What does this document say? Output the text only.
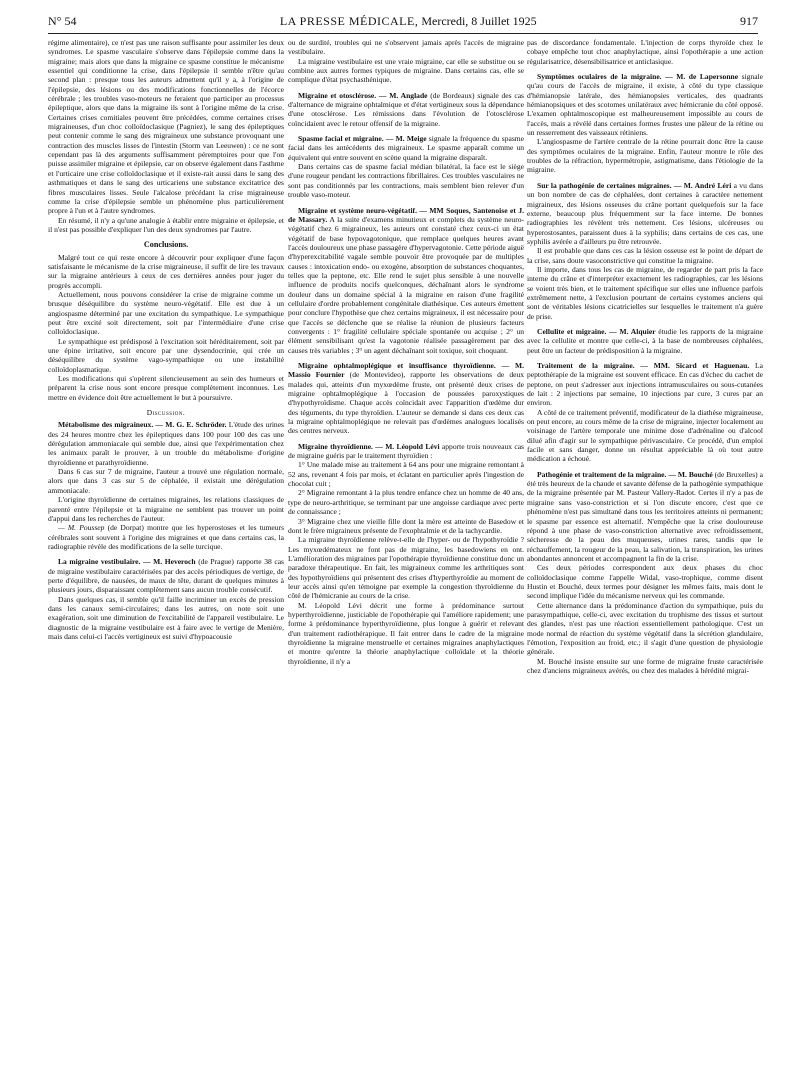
N° 54	LA PRESSE MÉDICALE, Mercredi, 8 Juillet 1925	917

régime alimentaire), ce n'est pas une raison suffisante pour assimiler les deux syndromes. Le spasme vasculaire s'observe dans l'épilepsie comme dans la migraine; mais alors que dans la migraine ce spasme constitue le mécanisme essentiel qui conditionne la crise, dans l'épilepsie il semble n'être qu'au second plan : presque tous les auteurs admettent qu'il y a, à l'origine de l'épilepsie, des lésions ou des modifications fonctionnelles de l'écorce cérébrale ; les troubles vaso-moteurs ne feraient que participer au processus épileptique, alors que dans la migraine ils sont à l'origine même de la crise. Certaines crises comitiales peuvent être précédées, comme certaines crises migraineuses, d'un choc colloïdoclasique (Pagniez), le sang des épileptiques peut contenir comme le sang des migraineux une substance provoquant une contraction des muscles lisses de l'intestin (Storm van Leeuwen) : ce ne sont cependant pas là des arguments suffisamment péremptoires pour que l'on puisse assimiler migraine et épilepsie, car on observe également dans l'asthme et l'urticaire une crise colloïdoclasique et il existe-rait aussi dans le sang des asthmatiques et dans le sang des urticariens une substance excitatrice des fibres musculaires lisses. Seule l'alcalose précédant la crise migraineuse comme la crise d'épilepsie semble un phénomène plus particulièrement propre à l'un et à l'autre syndromes.

En résumé, il n'y a qu'une analogie à établir entre migraine et épilepsie, et il n'est pas possible d'expliquer l'un des deux syndromes par l'autre.

Conclusions.

Malgré tout ce qui reste encore à découvrir pour expliquer d'une façon satisfaisante le mécanisme de la crise migraineuse, il suffit de lire les travaux sur la migraine antérieurs à ceux de ces dernières années pour juger du progrès accompli.

Actuellement, nous pouvons considérer la crise de migraine comme un brusque déséquilibre du système neuro-végétatif. Elle est due à un angiospasme déterminé par une excitation du sympathique. Le sympathique peut être excité soit directement, soit par l'intermédiaire d'une crise colloïdoclasique.

Le sympathique est prédisposé à l'excitation soit héréditairement, soit par une épine irritative, soit encore par une dysendocrinie, qui crée un déséquilibre du système vago-sympathique ou une instabilité colloïdoplasmatique.

Les modifications qui s'opèrent silencieusement au sein des humeurs et préparent la crise nous sont encore presque complètement inconnues. Les mettre en évidence doit être actuellement le but à poursuivre.

Discussion.

Métabolisme des migraineux. — M. G. E. Schröder. L'étude des urines des 24 heures montre chez les épileptiques dans 100 pour 100 des cas une dérégulation ammoniacale qui semble due, ainsi que l'expérimentation chez les animaux paraît le prouver, à un trouble du métabolisme d'origine thyroïdienne et parathyroïdienne.

Dans 6 cas sur 7 de migraine, l'auteur a trouvé une régulation normale, alors que dans 3 cas sur 5 de céphalée, il existait une dérégulation ammoniacale.

L'origine thyroïdienne de certaines migraines, les relations classiques de parenté entre l'épilepsie et la migraine ne semblent pas trouver un point d'appui dans les recherches de l'auteur.

— M. Poussep (de Dorpat) montre que les hyperostoses et les tumeurs cérébrales sont souvent à l'origine des migraines et que dans certains cas, la radiographie révèle des modifications de la selle turcique.

La migraine vestibulaire. — M. Heveroch (de Prague) rapporte 38 cas de migraine vestibulaire caractérisées par des accès périodiques de vertige, de perte d'équilibre, de nausées, de maux de tête, durant de quelques minutes à plusieurs jours, disparaissant complètement sans aucun trouble consécutif.

Dans quelques cas, il semble qu'il faille incriminer un excès de pression dans les canaux semi-circulaires; dans les autres, on note soit une exagération, soit une diminution de l'excitabilité de l'appareil vestibulaire. Le diagnostic de la migraine vestibulaire est à faire avec le vertige de Menière, mais dans celui-ci l'accès vertigineux est suivi d'hypoacousie

ou de surdité, troubles qui ne s'observent jamais après l'accès de migraine vestibulaire.

La migraine vestibulaire est une vraie migraine, car elle se substitue ou se combine aux autres formes typiques de migraine. Dans certains cas, elle se complique d'état psychasthénique.

Migraine et otosclérose. — M. Anglade (de Bordeaux) signale des cas d'alternance de migraine ophtalmique et d'état vertigineux sous la dépendance d'une otosclérose. Les rémissions dans l'évolution de l'otosclérose coïncidaient avec le retour offensif de la migraine.

Spasme facial et migraine. — M. Meige signale la fréquence du spasme facial dans les antécédents des migraineux. Le spasme apparaît comme un équivalent qui entre souvent en scène quand la migraine disparaît.

Dans certains cas de spasme facial médian bilatéral, la face est le siège d'une rougeur pendant les contractions fibrillaires. Ces troubles vasculaires ne sont pas conditionnés par les contractions, mais semblent bien relever d'un trouble vaso-moteur.

Migraine et système neuro-végétatif. — MM Soques, Santenoise et J. de Massary. A la suite d'examens minutieux et complets du système neuro-végétatif chez 6 migraineux, les auteurs ont constaté chez ceux-ci un état végétatif de base hypovagotonique, que remplace quelques heures avant l'accès douloureux une phase passagère d'hypervagotonie. Cette période aiguë d'hyperexcitabilité vagale semble pouvoir être provoquée par de multiples causes : intoxication endo- ou exogène, absorption de substances choquantes, telles que la peptone, etc. Elle rend le sujet plus sensible à une nouvelle influence de produits nocifs quelconques, déchaînant alors le syndrome douleur dans un domaine spécial à la migraine en raison d'une fragilité cellulaire d'ordre probablement congénitale diathésique. Ces auteurs émettent pour conclure l'hypothèse que chez certains migraineux, il est nécessaire pour que l'accès se déclenche que se réalise la réunion de plusieurs facteurs convergents : 1° fragilité cellulaire spéciale spontanée ou acquise ; 2° un élément sensibilisant qu'est la vagotonie réalisée passagèrement par des causes très variables ; 3° un agent déchaînant soit toxique, soit choquant.

Migraine ophtalmoplégique et insuffisance thyroïdienne. — M. Massio Fournier (de Montevideo), rapporte les observations de deux malades qui, atteints d'un myxœdème fruste, ont présenté deux crises de migraine ophtalmoplégique à l'occasion de poussées paroxystiques d'hypothyroïdisme. Chaque accès coïncidait avec l'apparition d'œdème dur des téguments, du type thyroïdien. L'auteur se demande si dans ces deux cas la migraine ophtalmoplégique ne relevait pas d'œdèmes analogues localisés des centres nerveux.

Migraine thyroïdienne. — M. Léopold Lévi apporte trois nouveaux cas de migraine guéris par le traitement thyroïdien :

1° Une malade mise au traitement à 64 ans pour une migraine remontant à 52 ans, revenant 4 fois par mois, et éclatant en particulier après l'ingestion de chocolat cuit ;

2° Migraine remontant à la plus tendre enfance chez un homme de 40 ans, type de neuro-arthritique, se terminant par une angoisse cardiaque avec perte de connaissance ;

3° Migraine chez une vieille fille dont la mère est atteinte de Basedow et dont le frère migraineux présente de l'exophtalmie et de la tachycardie.

La migraine thyroïdienne relève-t-elle de l'hyper- ou de l'hypothyroïdie ? Les myxœdémateux ne font pas de migraine, les basedowiens en ont. L'amélioration des migraines par l'opothérapie thyroïdienne constitue donc un paradoxe thérapeutique. En fait, les migraineux comme les arthritiques sont des hypothyroïdiens qui présentent des crises d'hyperthyroïdie au moment de leur accès ainsi qu'en témoigne par exemple la congestion thyroïdienne du côté de l'hémicranie au cours de la crise.

M. Léopold Lévi décrit une forme à prédominance surtout hyperthyroïdienne, justiciable de l'opothérapie qui l'améliore rapidement; une forme à prédominance hyperthyroïdienne, plus longue à guérir et relevant d'un traitement radiothérapique. Il fait entrer dans le cadre de la migraine thyroïdienne la migraine menstruelle et certaines migraines anaphylactiques et montre qu'entre la théorie anaphylactique colloïdale et la théorie thyroïdienne, il n'y a

pas de discordance fondamentale. L'injection de corps thyroïde chez le cobaye empêche tout choc anaphylactique, ainsi l'opothérapie a une action régularisatrice, désensibilisatrice et anticlasique.

Symptômes oculaires de la migraine. — M. de Lapersonne signale qu'au cours de l'accès de migraine, il existe, à côté du type classique d'hémianopsie latérale, des hémianopsies verticales, des quadrants hémianopsiques et des scotomes unilatéraux avec hémicranie du côté opposé. L'examen ophtalmoscopique est malheureusement impossible au cours de l'accès, mais a révélé dans certaines formes frustes une pâleur de la rétine ou un resserrement des vaisseaux rétiniens.

L'angiospasme de l'artère centrale de la rétine pourrait donc être la cause des symptômes oculaires de la migraine. Enfin, l'auteur montre le rôle des troubles de la réfraction, hypermétropie, astigmatisme, dans l'étiologie de la migraine.

Sur la pathogénie de certaines migraines. — M. André Léri a vu dans un bon nombre de cas de céphalées, dont certaines à caractère nettement migraineux, des lésions osseuses du crâne portant quelquefois sur la face externe, beaucoup plus fréquemment sur la face interne. De bonnes radiographies les révèlent très nettement. Ces lésions, ulcéreuses ou hyperostosantes, paraissent dues à la syphilis; dans certains de ces cas, une syphilis avérée a d'ailleurs pu être retrouvée.

Il est probable que dans ces cas la lésion osseuse est le point de départ de la crise, sans doute vasoconstrictive qui constitue la migraine.

Il importe, dans tous les cas de migraine, de regarder de part pris la face interne du crâne et d'interpréter exactement les radiographies, car les lésions se voient très bien, et le traitement spécifique sur elles une influence parfois extrêmement nette, à l'exclusion pourtant de certains cystomes anciens qui sont de véritables lésions cicatricielles sur lesquelles le traitement n'a guère de prise.

Cellulite et migraine. — M. Alquier étudie les rapports de la migraine avec la cellulite et montre que celle-ci, à la base de nombreuses céphalées, peut être un facteur de prédisposition à la migraine.

Traitement de la migraine. — MM. Sicard et Haguenau. La peptothérapie de la migraine est souvent efficace. En cas d'échec du cachet de peptone, on peut s'adresser aux injections intramusculaires ou sous-cutanées de lait : 2 injections par semaine, 10 injections par cure, 3 cures par an environ.

A côté de ce traitement préventif, modificateur de la diathèse migraineuse, on peut encore, au cours même de la crise de migraine, injecter localement au voisinage de l'artère temporale une minime dose d'adrénaline ou d'alcool dilué afin d'agir sur le sympathique périvasculaire. Ce procédé, d'un emploi facile et sans danger, donne un résultat appréciable là où tout autre médication a échoué.

Pathogénie et traitement de la migraine. — M. Bouché (de Bruxelles) a été très heureux de la chaude et savante défense de la pathogénie sympathique de la migraine présentée par M. Pasteur Vallery-Radot. Certes il n'y a pas de migraine sans vaso-constriction et si l'on discute encore, c'est que ce phénomène n'est pas simultané dans tous les territoires atteints ni permanent; le spasme par essence est alternatif. N'empêche que la crise douloureuse répond à une phase de vaso-constriction alternative avec refroidissement, sécheresse de la peau des muqueuses, urines rares, tandis que le réchauffement, la rougeur de la peau, la salivation, la transpiration, les urines abondantes annoncent et accompagnent la fin de la crise.

Ces deux périodes correspondent aux deux phases du choc colloïdoclasique comme l'appelle Widal, vaso-trophique, comme disent Hustin et Bouché, deux termes pour désigner les mêmes faits, mais dont le second implique l'idée du mécanisme nerveux qui les commande.

Cette alternance dans la prédominance d'action du sympathique, puis du parasympathique, celle-ci, avec excitation du trophisme des tissus et surtout des glandes, n'est pas une réaction essentiellement pathologique. C'est un mode normal de réaction du système végétatif dans la sécrétion glandulaire, l'émotion, l'exposition au froid, etc.; il s'agit d'une question de physiologie générale.

M. Bouché insiste ensuite sur une forme de migraine fruste caractérisée chez d'anciens migraineux avérés, ou chez des malades à hérédité migrai-
